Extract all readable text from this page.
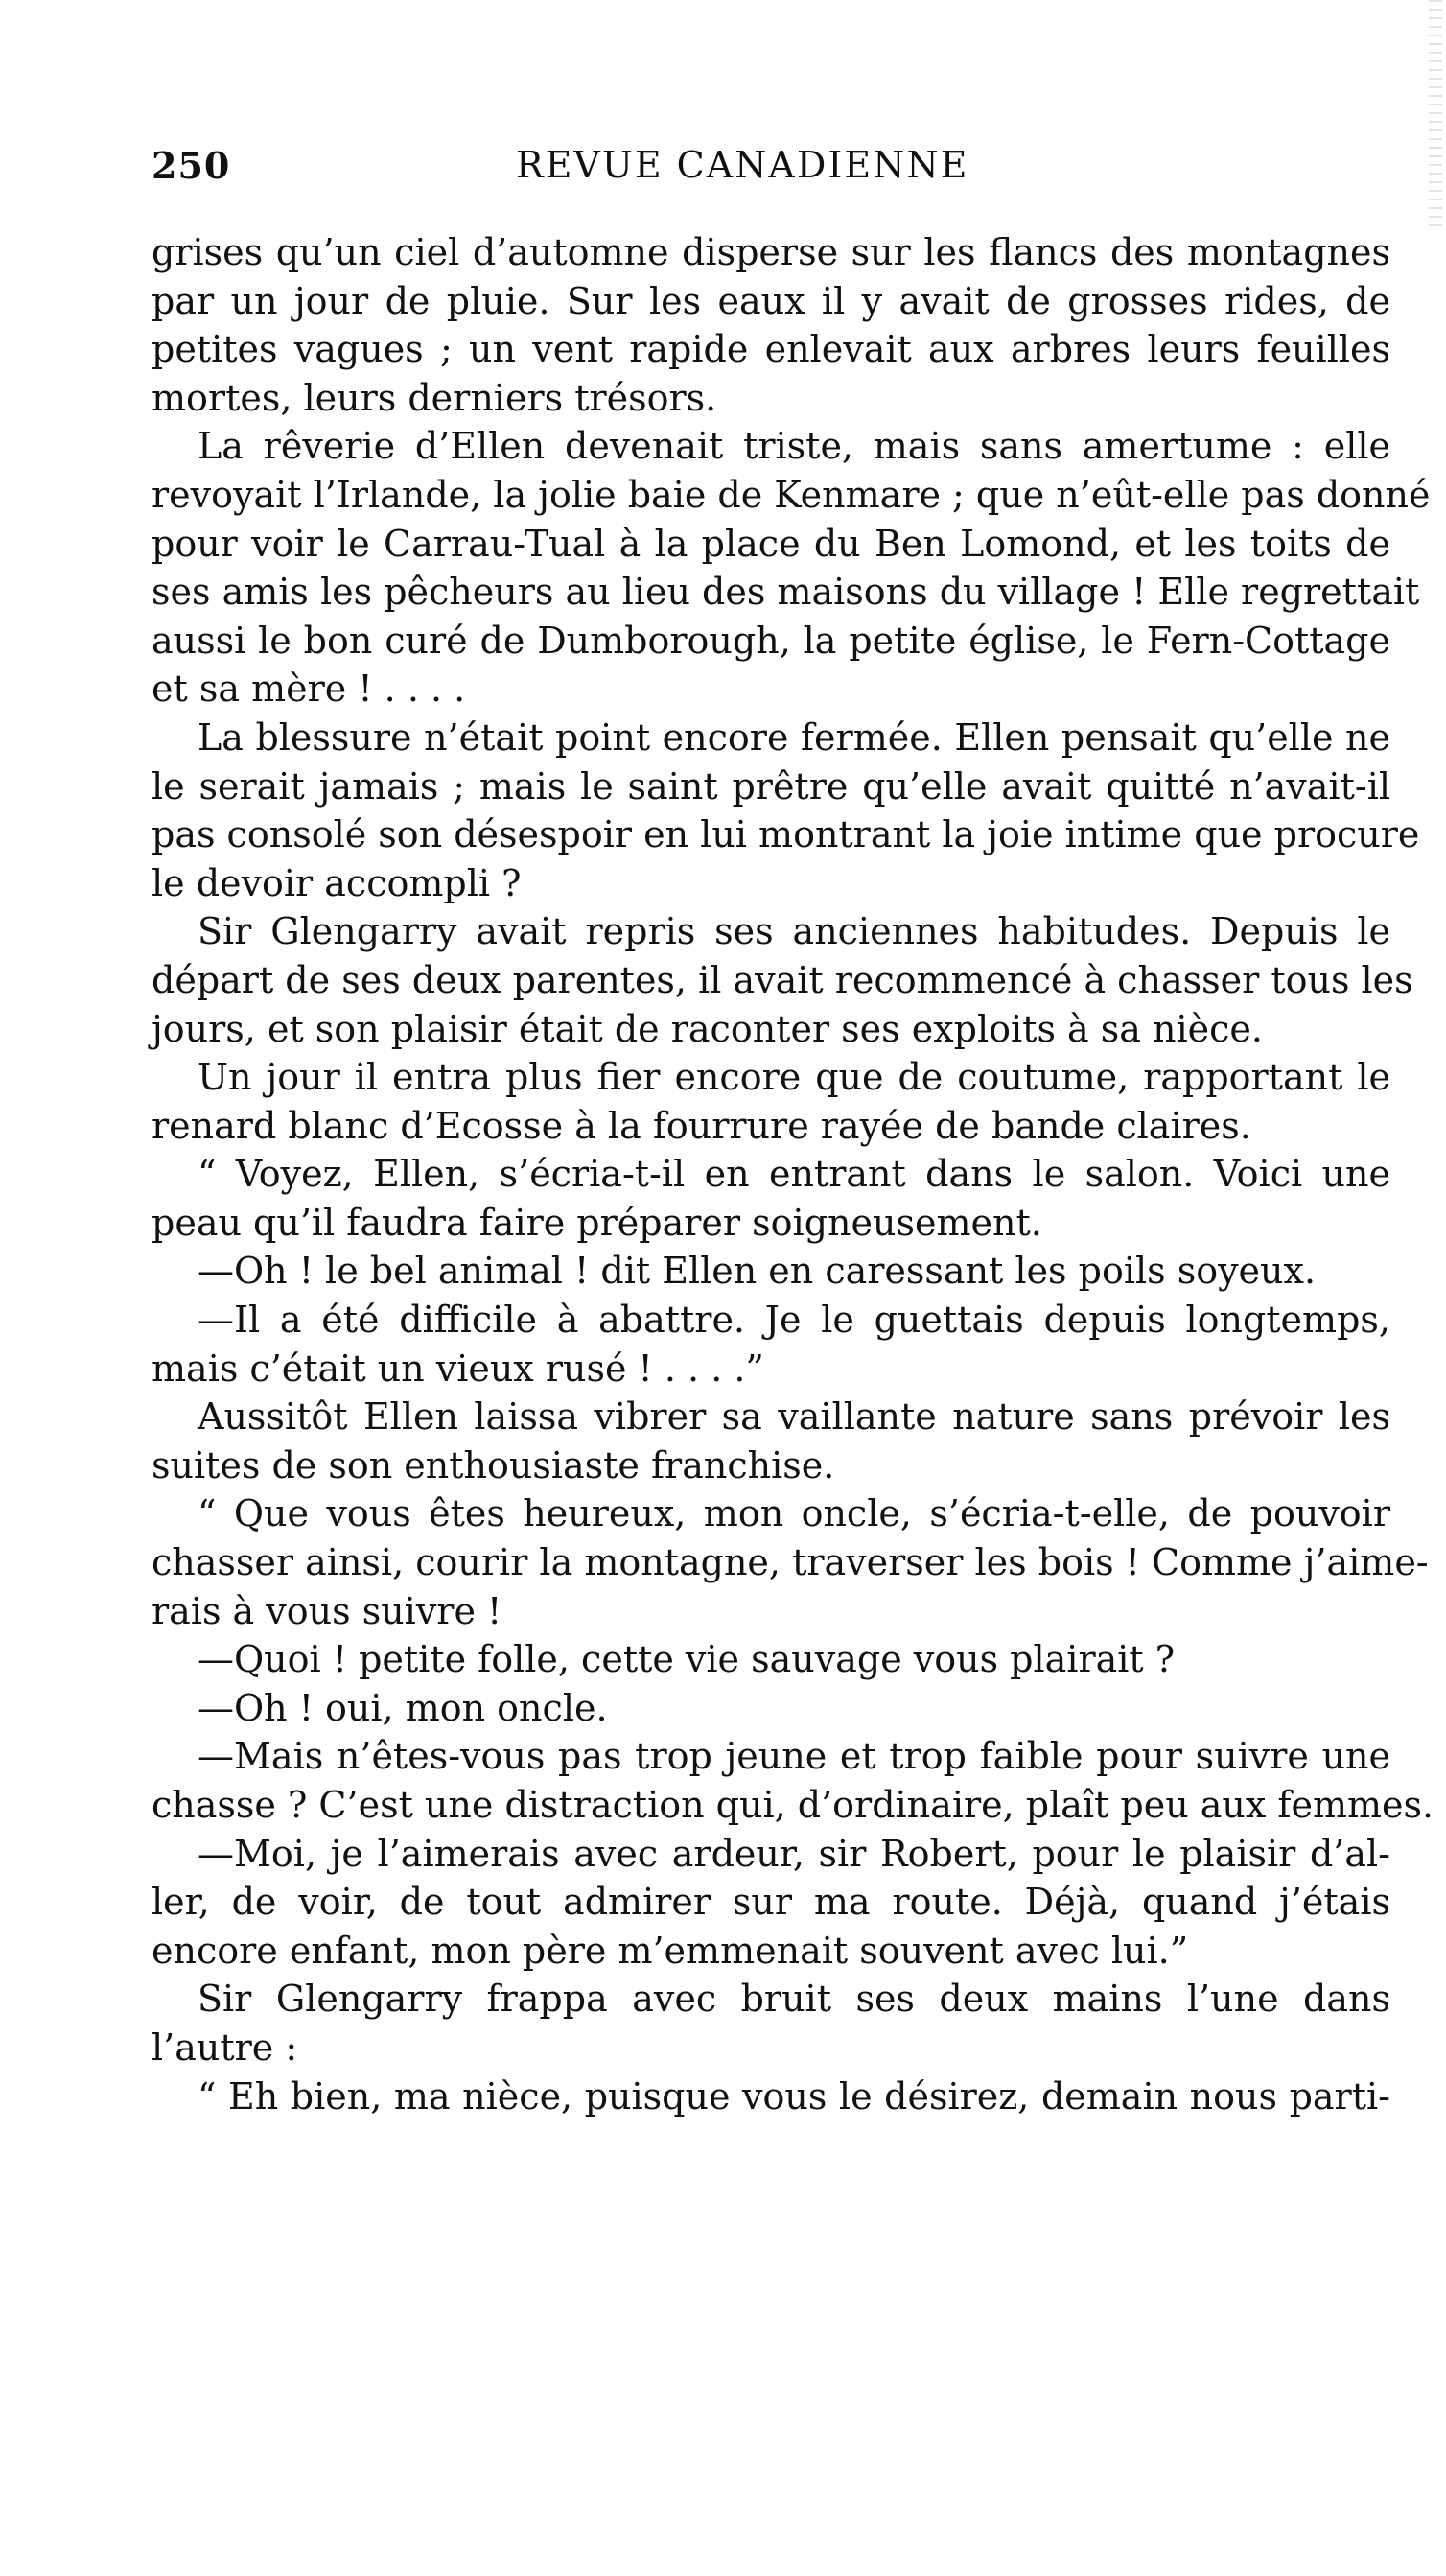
250	REVUE CANADIENNE
grises qu’un ciel d’automne disperse sur les flancs des montagnes
par un jour de pluie. Sur les eaux il y avait de grosses rides, de
petites vagues ; un vent rapide enlevait aux arbres leurs feuilles
mortes, leurs derniers trésors.
La rêverie d’Ellen devenait triste, mais sans amertume : elle
revoyait l’Irlande, la jolie baie de Kenmare ; que n’eût-elle pas donné
pour voir le Carrau-Tual à la place du Ben Lomond, et les toits de
ses amis les pêcheurs au lieu des maisons du village ! Elle regrettait
aussi le bon curé de Dumborough, la petite église, le Fern-Cottage
et sa mère ! . . . .
La blessure n’était point encore fermée. Ellen pensait qu’elle ne
le serait jamais ; mais le saint prêtre qu’elle avait quitté n’avait-il
pas consolé son désespoir en lui montrant la joie intime que procure
le devoir accompli ?
Sir Glengarry avait repris ses anciennes habitudes. Depuis le
départ de ses deux parentes, il avait recommencé à chasser tous les
jours, et son plaisir était de raconter ses exploits à sa nièce.
Un jour il entra plus fier encore que de coutume, rapportant le
renard blanc d’Ecosse à la fourrure rayée de bande claires.
“ Voyez, Ellen, s’écria-t-il en entrant dans le salon. Voici une
peau qu’il faudra faire préparer soigneusement.
—Oh ! le bel animal ! dit Ellen en caressant les poils soyeux.
—Il a été difficile à abattre. Je le guettais depuis longtemps,
mais c’était un vieux rusé ! . . . .”
Aussitôt Ellen laissa vibrer sa vaillante nature sans prévoir les
suites de son enthousiaste franchise.
“ Que vous êtes heureux, mon oncle, s’écria-t-elle, de pouvoir
chasser ainsi, courir la montagne, traverser les bois ! Comme j’aime-
rais à vous suivre !
—Quoi ! petite folle, cette vie sauvage vous plairait ?
—Oh ! oui, mon oncle.
—Mais n’êtes-vous pas trop jeune et trop faible pour suivre une
chasse ? C’est une distraction qui, d’ordinaire, plaît peu aux femmes.
—Moi, je l’aimerais avec ardeur, sir Robert, pour le plaisir d’al-
ler, de voir, de tout admirer sur ma route. Déjà, quand j’étais
encore enfant, mon père m’emmenait souvent avec lui.”
Sir Glengarry frappa avec bruit ses deux mains l’une dans
l’autre :
“ Eh bien, ma nièce, puisque vous le désirez, demain nous parti-
